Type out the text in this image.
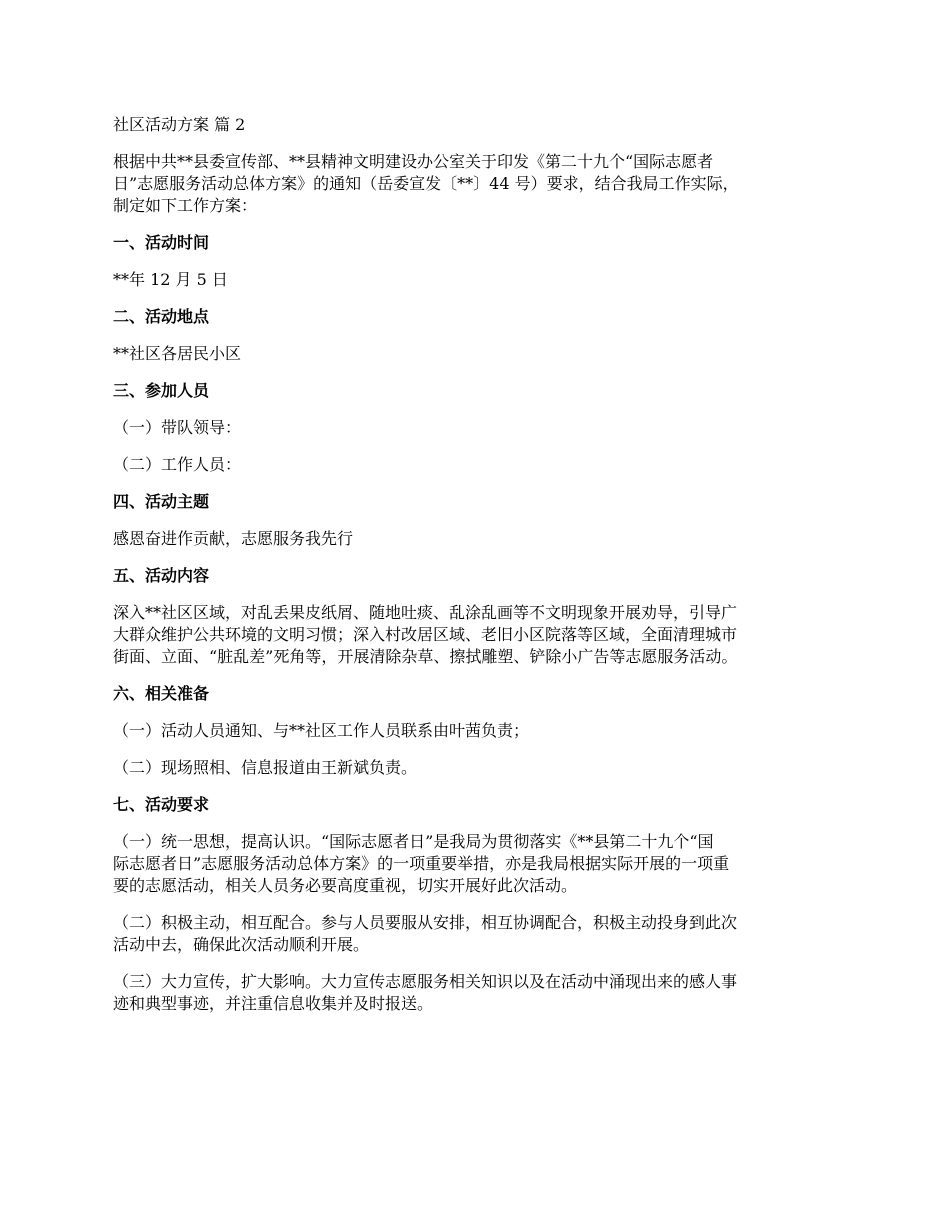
社区活动方案 篇 2

根据中共**县委宣传部、**县精神文明建设办公室关于印发《第二十九个“国际志愿者
日”志愿服务活动总体方案》的通知（岳委宣发〔**〕44 号）要求，结合我局工作实际，
制定如下工作方案：

一、活动时间

**年 12 月 5 日

二、活动地点

**社区各居民小区

三、参加人员

（一）带队领导：

（二）工作人员：

四、活动主题

感恩奋进作贡献，志愿服务我先行

五、活动内容

深入**社区区域，对乱丢果皮纸屑、随地吐痰、乱涂乱画等不文明现象开展劝导，引导广
大群众维护公共环境的文明习惯；深入村改居区域、老旧小区院落等区域，全面清理城市
街面、立面、“脏乱差”死角等，开展清除杂草、擦拭雕塑、铲除小广告等志愿服务活动。

六、相关准备

（一）活动人员通知、与**社区工作人员联系由叶茜负责；

（二）现场照相、信息报道由王新斌负责。

七、活动要求

（一）统一思想，提高认识。“国际志愿者日”是我局为贯彻落实《**县第二十九个“国
际志愿者日”志愿服务活动总体方案》的一项重要举措，亦是我局根据实际开展的一项重
要的志愿活动，相关人员务必要高度重视，切实开展好此次活动。

（二）积极主动，相互配合。参与人员要服从安排，相互协调配合，积极主动投身到此次
活动中去，确保此次活动顺利开展。

（三）大力宣传，扩大影响。大力宣传志愿服务相关知识以及在活动中涌现出来的感人事
迹和典型事迹，并注重信息收集并及时报送。
